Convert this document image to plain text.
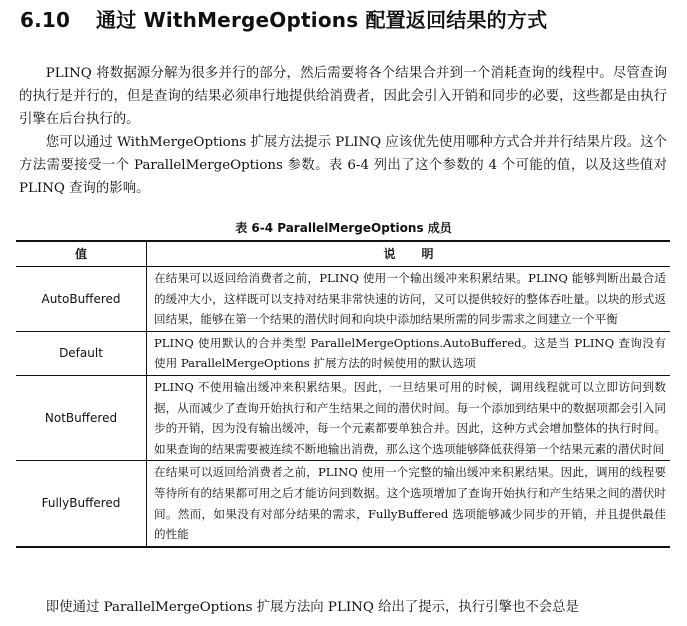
6.10 通过 WithMergeOptions 配置返回结果的方式

PLINQ 将数据源分解为很多并行的部分，然后需要将各个结果合并到一个消耗查询的线程中。尽管查询的执行是并行的，但是查询的结果必须串行地提供给消费者，因此会引入开销和同步的必要，这些都是由执行引擎在后台执行的。

您可以通过 WithMergeOptions 扩展方法提示 PLINQ 应该优先使用哪种方式合并并行结果片段。这个方法需要接受一个 ParallelMergeOptions 参数。表 6-4 列出了这个参数的 4 个可能的值，以及这些值对 PLINQ 查询的影响。

表 6-4 ParallelMergeOptions 成员
值	说明
AutoBuffered	在结果可以返回给消费者之前，PLINQ 使用一个输出缓冲来积累结果。PLINQ 能够判断出最合适的缓冲大小，这样既可以支持对结果非常快速的访问，又可以提供较好的整体吞吐量。以块的形式返回结果，能够在第一个结果的潜伏时间和向块中添加结果所需的同步需求之间建立一个平衡
Default	PLINQ 使用默认的合并类型 ParallelMergeOptions.AutoBuffered。这是当 PLINQ 查询没有使用 ParallelMergeOptions 扩展方法的时候使用的默认选项
NotBuffered	PLINQ 不使用输出缓冲来积累结果。因此，一旦结果可用的时候，调用线程就可以立即访问到数据，从而减少了查询开始执行和产生结果之间的潜伏时间。每一个添加到结果中的数据项都会引入同步的开销，因为没有输出缓冲，每一个元素都要单独合并。因此，这种方式会增加整体的执行时间。如果查询的结果需要被连续不断地输出消费，那么这个选项能够降低获得第一个结果元素的潜伏时间
FullyBuffered	在结果可以返回给消费者之前，PLINQ 使用一个完整的输出缓冲来积累结果。因此，调用的线程要等待所有的结果都可用之后才能访问到数据。这个选项增加了查询开始执行和产生结果之间的潜伏时间。然而，如果没有对部分结果的需求，FullyBuffered 选项能够减少同步的开销，并且提供最佳的性能

即使通过 ParallelMergeOptions 扩展方法向 PLINQ 给出了提示，执行引擎也不会总是
